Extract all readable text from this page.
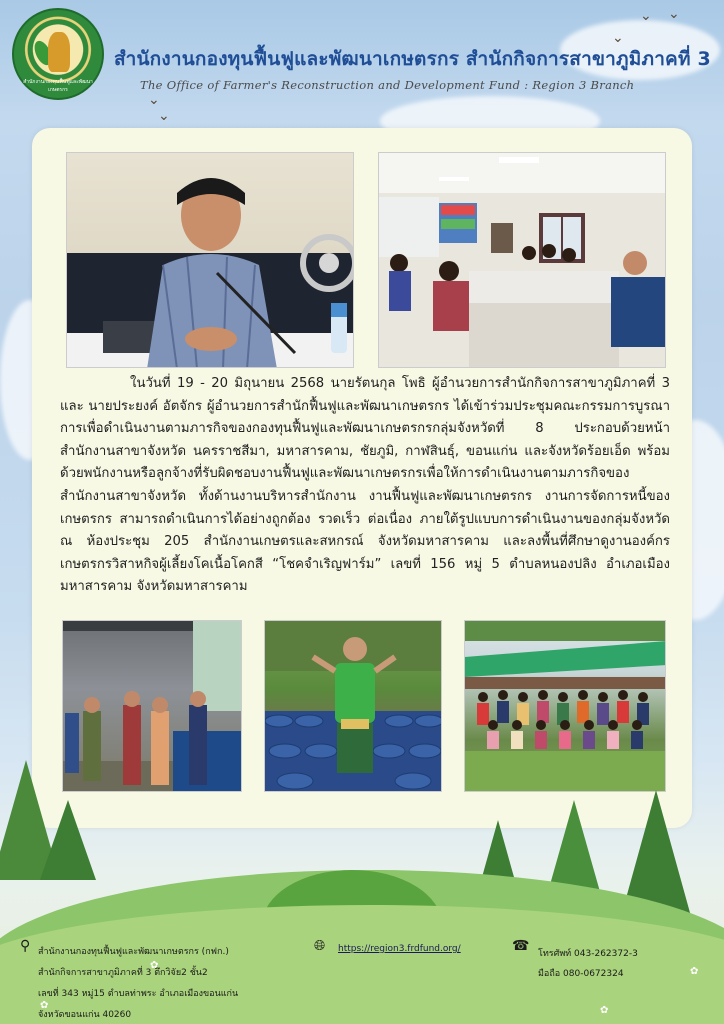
สำนักงานกองทุนฟื้นฟูและพัฒนาเกษตรกร
สำนักงานกองทุนฟื้นฟูและพัฒนาเกษตรกร สำนักกิจการสาขาภูมิภาคที่ 3
The Office of Farmer's Reconstruction and Development Fund : Region 3 Branch
⌄ ⌄
⌄
⌄
⌄
ในวันที่ 19 - 20 มิถุนายน 2568 นายรัตนกุล โพธิ ผู้อำนวยการสำนักกิจการสาขาภูมิภาคที่ 3 และ นายประยงค์ อัตจักร ผู้อำนวยการสำนักฟื้นฟูและพัฒนาเกษตรกร ได้เข้าร่วมประชุมคณะกรรมการบูรณาการเพื่อดำเนินงานตามภารกิจของกองทุนฟื้นฟูและพัฒนาเกษตรกรกลุ่มจังหวัดที่ 8 ประกอบด้วยหน้าสำนักงานสาขาจังหวัด นครราชสีมา, มหาสารคาม, ชัยภูมิ, กาฬสินธุ์, ขอนแก่น และจังหวัดร้อยเอ็ด พร้อมด้วยพนักงานหรือลูกจ้างที่รับผิดชอบงานฟื้นฟูและพัฒนาเกษตรกรเพื่อให้การดำเนินงานตามภารกิจของสำนักงานสาขาจังหวัด ทั้งด้านงานบริหารสำนักงาน งานฟื้นฟูและพัฒนาเกษตรกร งานการจัดการหนี้ของเกษตรกร สามารถดำเนินการได้อย่างถูกต้อง รวดเร็ว ต่อเนื่อง ภายใต้รูปแบบการดำเนินงานของกลุ่มจังหวัด ณ ห้องประชุม 205 สำนักงานเกษตรและสหกรณ์ จังหวัดมหาสารคาม และลงพื้นที่ศึกษาดูงานองค์กรเกษตรกรวิสาหกิจผู้เลี้ยงโคเนื้อโคกสี “โชคจำเริญฟาร์ม” เลขที่ 156 หมู่ 5 ตำบลหนองปลิง อำเภอเมืองมหาสารคาม จังหวัดมหาสารคาม
✿
✿
✿
✿
⚲ สำนักงานกองทุนฟื้นฟูและพัฒนาเกษตรกร (กฟก.)
สำนักกิจการสาขาภูมิภาคที่ 3 ตึกวิจัย2 ชั้น2
เลขที่ 343 หมู่15 ตำบลท่าพระ อำเภอเมืองขอนแก่น
จังหวัดขอนแก่น 40260
🌐︎ https://region3.frdfund.org/	☎ โทรศัพท์ 043-262372-3
มือถือ 080-0672324
